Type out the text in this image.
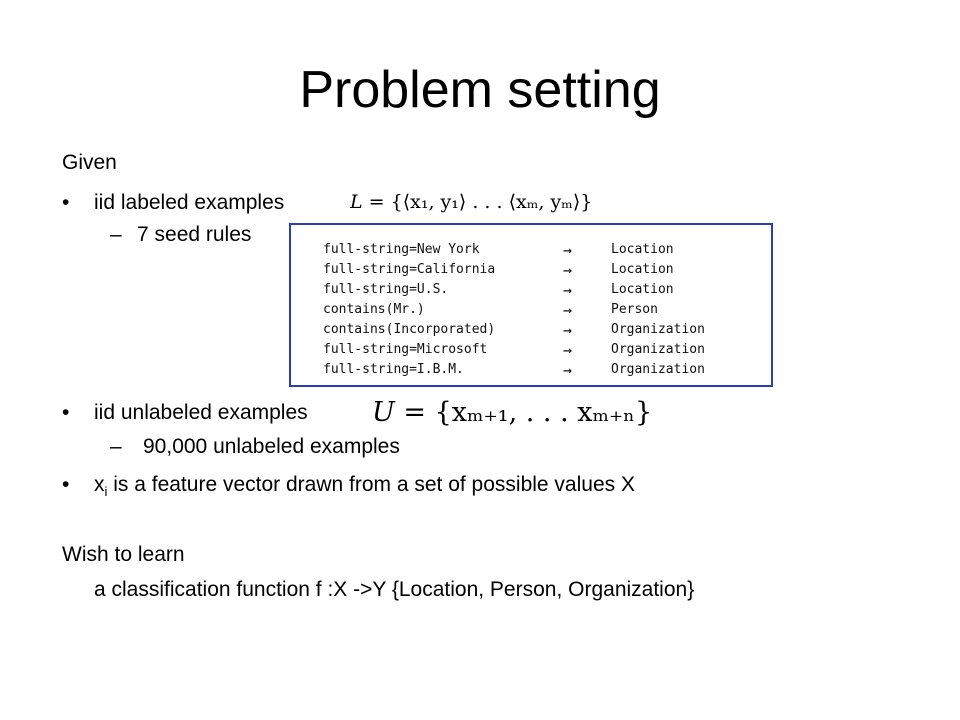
Problem setting
Given
• iid labeled examples	L = {⟨x₁, y₁⟩ . . . ⟨xₘ, yₘ⟩}
– 7 seed rules
full-string=New York	→	Location
full-string=California	→	Location
full-string=U.S.	→	Location
contains(Mr.)	→	Person
contains(Incorporated)	→	Organization
full-string=Microsoft	→	Organization
full-string=I.B.M.	→	Organization
• iid unlabeled examples U = {xₘ₊₁, . . . xₘ₊ₙ}
– 90,000 unlabeled examples
• $x_i$ is a feature vector drawn from a set of possible values X
Wish to learn
a classification function f :X ->Y {Location, Person, Organization}
